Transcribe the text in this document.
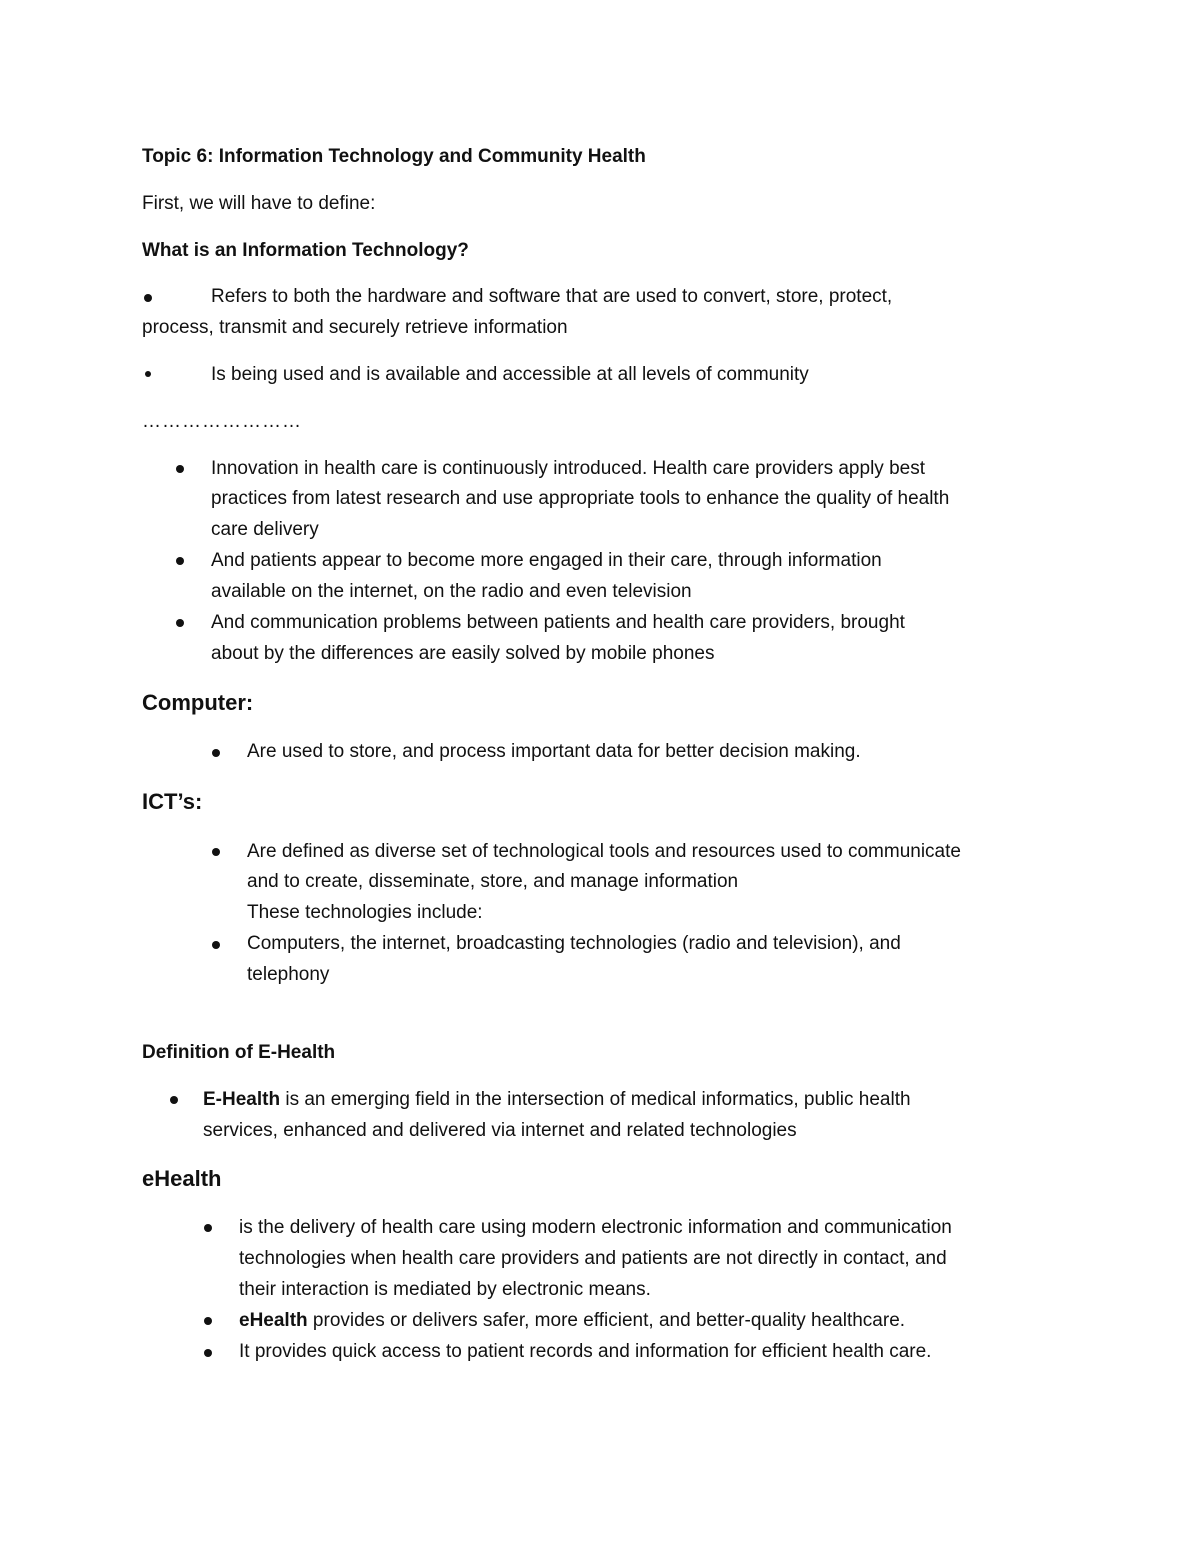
Topic 6: Information Technology and Community Health
First, we will have to define:
What is an Information Technology?
Refers to both the hardware and software that are used to convert, store, protect,
process, transmit and securely retrieve information
Is being used and is available and accessible at all levels of community
……………………
Innovation in health care is continuously introduced. Health care providers apply best
practices from latest research and use appropriate tools to enhance the quality of health
care delivery
And patients appear to become more engaged in their care, through information
available on the internet, on the radio and even television
And communication problems between patients and health care providers, brought
about by the differences are easily solved by mobile phones
Computer:
Are used to store, and process important data for better decision making.
ICT’s:
Are defined as diverse set of technological tools and resources used to communicate
and to create, disseminate, store, and manage information
These technologies include:
Computers, the internet, broadcasting technologies (radio and television), and
telephony
Definition of E-Health
E-Health is an emerging field in the intersection of medical informatics, public health
services, enhanced and delivered via internet and related technologies
eHealth
is the delivery of health care using modern electronic information and communication
technologies when health care providers and patients are not directly in contact, and
their interaction is mediated by electronic means.
eHealth provides or delivers safer, more efficient, and better-quality healthcare.
It provides quick access to patient records and information for efficient health care.
